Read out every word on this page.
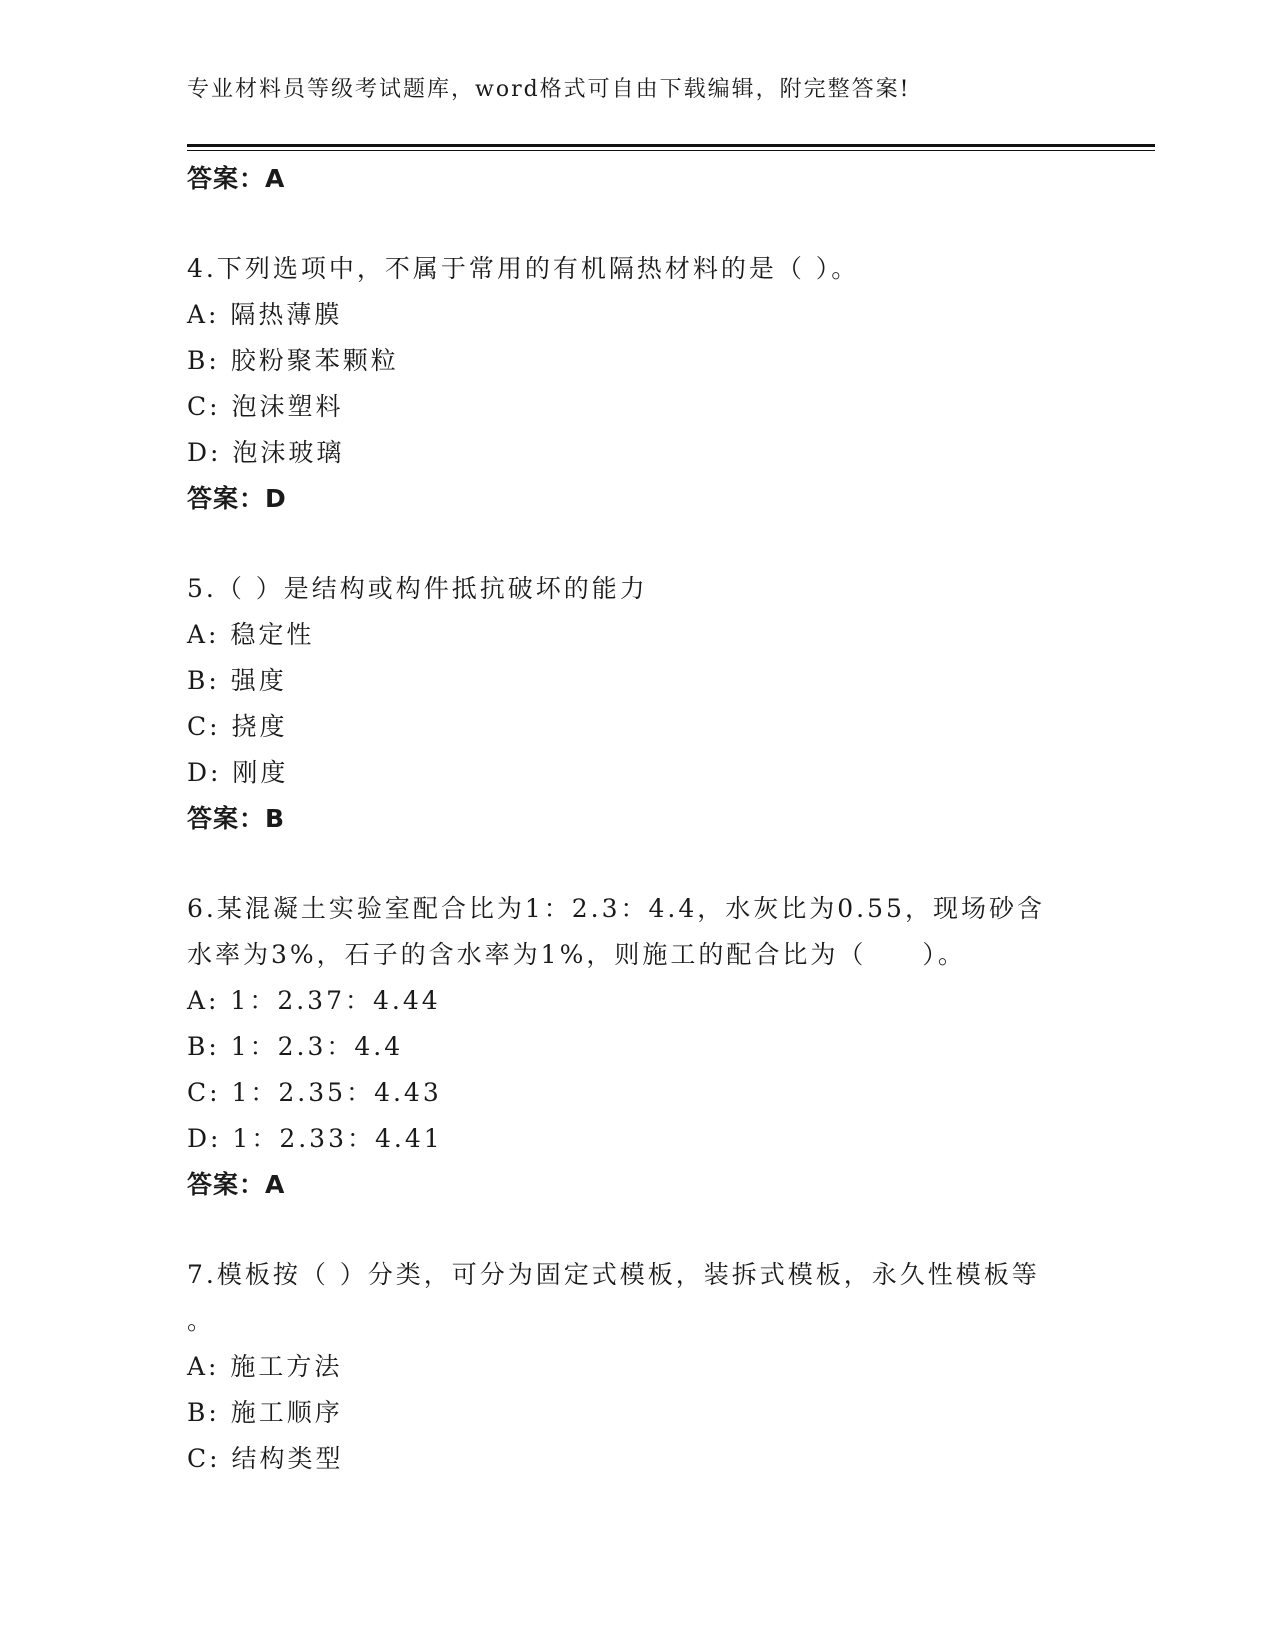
专业材料员等级考试题库，word格式可自由下载编辑，附完整答案!
答案：A
4.下列选项中，不属于常用的有机隔热材料的是（ ）。
A: 隔热薄膜
B: 胶粉聚苯颗粒
C: 泡沫塑料
D: 泡沫玻璃
答案：D
5.（ ）是结构或构件抵抗破坏的能力
A: 稳定性
B: 强度
C: 挠度
D: 刚度
答案：B
6.某混凝土实验室配合比为1：2.3：4.4，水灰比为0.55，现场砂含
水率为3%，石子的含水率为1%，则施工的配合比为（　　）。
A: 1：2.37：4.44
B: 1：2.3：4.4
C: 1：2.35：4.43
D: 1：2.33：4.41
答案：A
7.模板按（ ）分类，可分为固定式模板，装拆式模板，永久性模板等
。
A: 施工方法
B: 施工顺序
C: 结构类型
